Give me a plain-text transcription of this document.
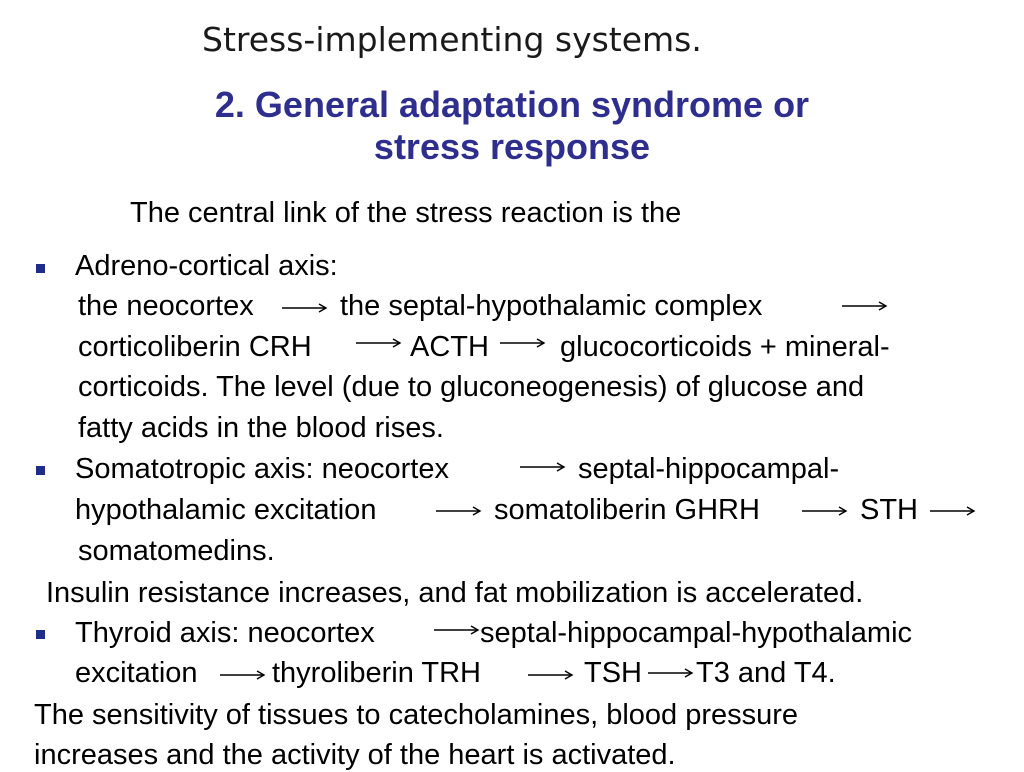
Stress-implementing systems.
2. General adaptation syndrome or
stress response
The central link of the stress reaction is the
Adreno-cortical axis:
the neocortex	the septal-hypothalamic complex
corticoliberin CRH	ACTH glucocorticoids + mineral-
corticoids. The level (due to gluconeogenesis) of glucose and
fatty acids in the blood rises.
Somatotropic axis: neocortex	septal-hippocampal-
hypothalamic excitation	somatoliberin GHRH	STH
somatomedins.
Insulin resistance increases, and fat mobilization is accelerated.
Thyroid axis: neocortex	septal-hippocampal-hypothalamic
excitation	thyroliberin TRH	TSH T3 and T4.
The sensitivity of tissues to catecholamines, blood pressure
increases and the activity of the heart is activated.
